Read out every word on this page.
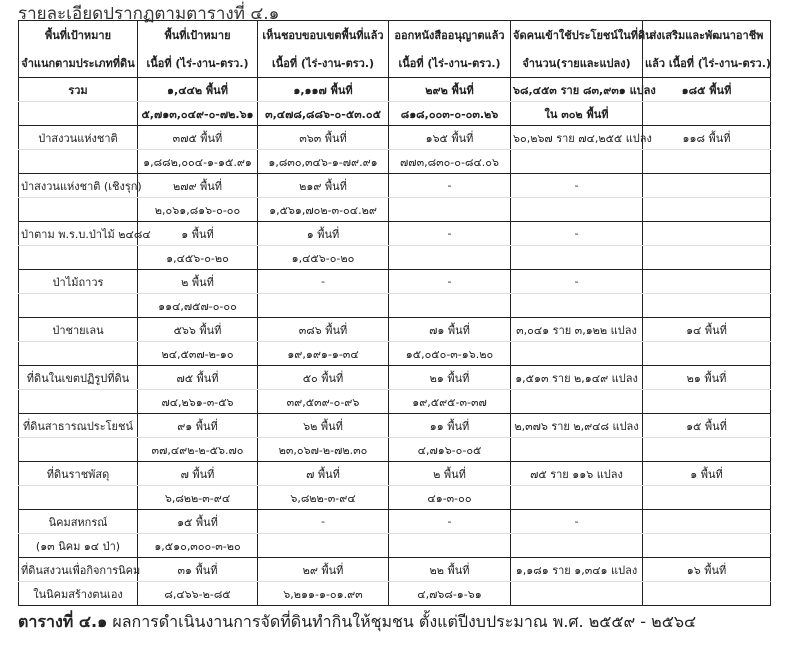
รายละเอียดปรากฏตามตารางที่ ๔.๑
พื้นที่เป้าหมาย	พื้นที่เป้าหมาย	เห็นชอบขอบเขตพื้นที่แล้ว	ออกหนังสืออนุญาตแล้ว	จัดคนเข้าใช้ประโยชน์ในที่ดิน	ส่งเสริมและพัฒนาอาชีพ
จำแนกตามประเภทที่ดิน	เนื้อที่ (ไร่-งาน-ตรว.)	เนื้อที่ (ไร่-งาน-ตรว.)	เนื้อที่ (ไร่-งาน-ตรว.)	จำนวน(รายและแปลง)	แล้ว เนื้อที่ (ไร่-งาน-ตรว.)
รวม	๑,๔๔๒ พื้นที่	๑,๑๑๗ พื้นที่	๒๙๒ พื้นที่	๖๘,๔๕๓ ราย ๘๓,๙๓๑ แปลง	๑๘๕ พื้นที่
	๕,๗๑๓,๐๔๙-๐-๗๒.๖๑	๓,๔๗๘,๘๘๖-๐-๕๓.๐๕	๘๑๘,๐๐๓-๐-๐๓.๒๖	ใน ๓๐๒ พื้นที่	
ป่าสงวนแห่งชาติ	๓๗๕ พื้นที่	๓๖๓ พื้นที่	๑๖๕ พื้นที่	๖๐,๒๖๗ ราย ๗๔,๒๕๕ แปลง	๑๑๘ พื้นที่
	๑,๘๘๒,๐๐๔-๑-๑๕.๙๑	๑,๘๓๐,๓๔๖-๑-๗๙.๙๑	๗๗๓,๘๓๐-๐-๘๔.๐๖		
ป่าสงวนแห่งชาติ (เชิงรุก)	๒๗๙ พื้นที่	๒๑๙ พื้นที่	-	-	
	๒,๐๖๑,๘๑๖-๐-๐๐	๑,๕๖๑,๗๐๒-๓-๐๔.๒๙			
ป่าตาม พ.ร.บ.ป่าไม้ ๒๔๘๔	๑ พื้นที่	๑ พื้นที่	-	-	
	๑,๔๕๖-๐-๒๐	๑,๔๕๖-๐-๒๐			
ป่าไม้ถาวร	๒ พื้นที่	-	-	-	
	๑๑๔,๗๕๗-๐-๐๐				
ป่าชายเลน	๕๖๖ พื้นที่	๓๘๖ พื้นที่	๗๑ พื้นที่	๓,๐๔๑ ราย ๓,๑๒๒ แปลง	๑๔ พื้นที่
	๒๔,๕๓๗-๒-๑๐	๑๙,๑๙๑-๑-๓๔	๑๕,๐๕๐-๓-๑๖.๒๐		
ที่ดินในเขตปฏิรูปที่ดิน	๗๕ พื้นที่	๕๐ พื้นที่	๒๑ พื้นที่	๑,๕๑๓ ราย ๒,๑๔๙ แปลง	๒๑ พื้นที่
	๗๔,๒๖๑-๓-๕๖	๓๙,๕๓๙-๐-๙๖	๑๙,๕๙๕-๓-๓๗		
ที่ดินสาธารณประโยชน์	๙๑ พื้นที่	๖๒ พื้นที่	๑๑ พื้นที่	๒,๓๗๖ ราย ๒,๙๔๘ แปลง	๑๕ พื้นที่
	๓๗,๔๙๒-๒-๕๖.๗๐	๒๓,๐๖๗-๒-๗๒.๓๐	๔,๗๑๖-๐-๐๕		
ที่ดินราชพัสดุ	๗ พื้นที่	๗ พื้นที่	๒ พื้นที่	๗๕ ราย ๑๑๖ แปลง	๑ พื้นที่
	๖,๘๒๒-๓-๙๔	๖,๘๒๒-๓-๙๔	๔๑-๓-๐๐		
นิคมสหกรณ์	๑๕ พื้นที่	-	-	-	
(๑๓ นิคม ๑๔ ป่า)	๑,๕๑๐,๓๐๐-๓-๒๐				
ที่ดินสงวนเพื่อกิจการนิคม	๓๑ พื้นที่	๒๙ พื้นที่	๒๒ พื้นที่	๑,๑๘๑ ราย ๑,๓๔๑ แปลง	๑๖ พื้นที่
ในนิคมสร้างตนเอง	๘,๔๖๖-๒-๘๕	๖,๒๑๑-๑-๐๑.๙๓	๔,๗๖๘-๑-๖๑		
ตารางที่ ๔.๑ ผลการดำเนินงานการจัดที่ดินทำกินให้ชุมชน ตั้งแต่ปีงบประมาณ พ.ศ. ๒๕๕๙ - ๒๕๖๔
